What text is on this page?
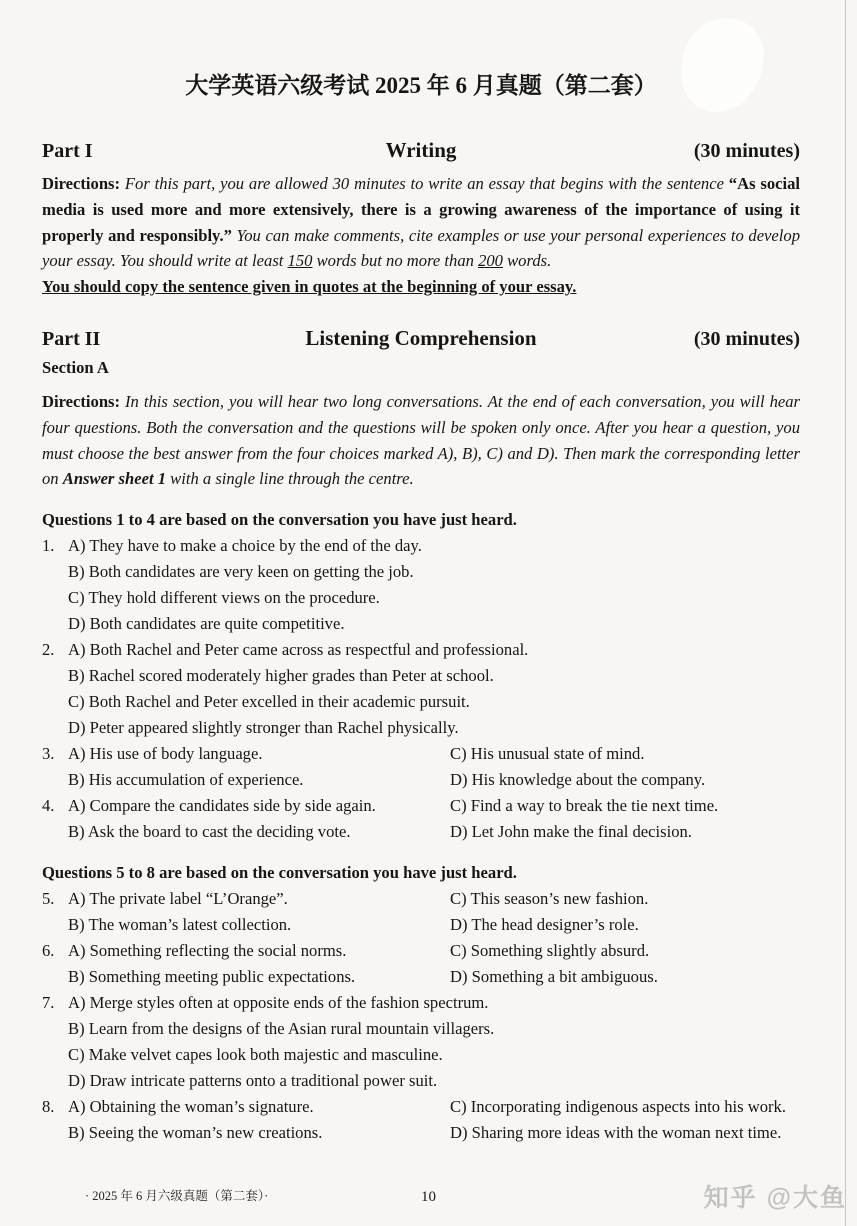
大学英语六级考试 2025 年 6 月真题（第二套）
Part I	Writing	(30 minutes)

Directions: For this part, you are allowed 30 minutes to write an essay that begins with the sentence “As social media is used more and more extensively, there is a growing awareness of the importance of using it properly and responsibly.” You can make comments, cite examples or use your personal experiences to develop your essay. You should write at least 150 words but no more than 200 words.

You should copy the sentence given in quotes at the beginning of your essay.

Part II	Listening Comprehension	(30 minutes)

Section A

Directions: In this section, you will hear two long conversations. At the end of each conversation, you will hear four questions. Both the conversation and the questions will be spoken only once. After you hear a question, you must choose the best answer from the four choices marked A), B), C) and D). Then mark the corresponding letter on Answer sheet 1 with a single line through the centre.

Questions 1 to 4 are based on the conversation you have just heard.

1. A) They have to make a choice by the end of the day.
B) Both candidates are very keen on getting the job.
C) They hold different views on the procedure.
D) Both candidates are quite competitive.
2. A) Both Rachel and Peter came across as respectful and professional.
B) Rachel scored moderately higher grades than Peter at school.
C) Both Rachel and Peter excelled in their academic pursuit.
D) Peter appeared slightly stronger than Rachel physically.
3. A) His use of body language.	C) His unusual state of mind.
B) His accumulation of experience.	D) His knowledge about the company.
4. A) Compare the candidates side by side again.	C) Find a way to break the tie next time.
B) Ask the board to cast the deciding vote.	D) Let John make the final decision.

Questions 5 to 8 are based on the conversation you have just heard.

5. A) The private label “L’Orange”.	C) This season’s new fashion.
B) The woman’s latest collection.	D) The head designer’s role.
6. A) Something reflecting the social norms.	C) Something slightly absurd.
B) Something meeting public expectations.	D) Something a bit ambiguous.
7. A) Merge styles often at opposite ends of the fashion spectrum.
B) Learn from the designs of the Asian rural mountain villagers.
C) Make velvet capes look both majestic and masculine.
D) Draw intricate patterns onto a traditional power suit.
8. A) Obtaining the woman’s signature.	C) Incorporating indigenous aspects into his work.
B) Seeing the woman’s new creations.	D) Sharing more ideas with the woman next time.
· 2025 年 6 月六级真题（第二套）·	10	知乎 @大鱼
